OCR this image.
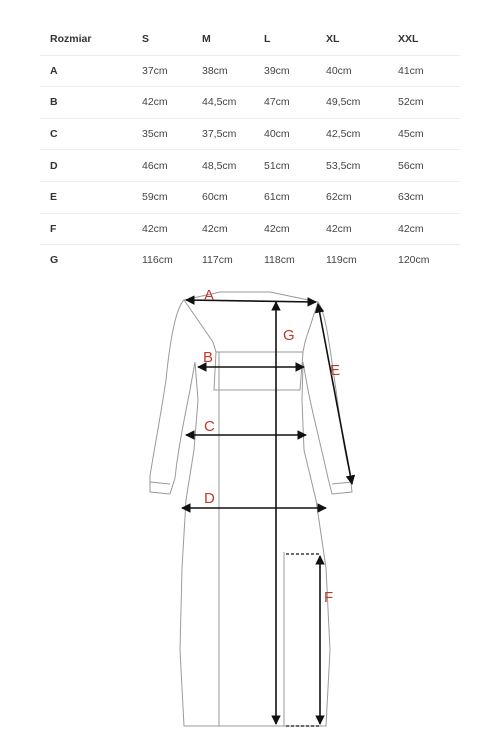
Rozmiar	S	M	L	XL	XXL
A	37cm	38cm	39cm	40cm	41cm
B	42cm	44,5cm	47cm	49,5cm	52cm
C	35cm	37,5cm	40cm	42,5cm	45cm
D	46cm	48,5cm	51cm	53,5cm	56cm
E	59cm	60cm	61cm	62cm	63cm
F	42cm	42cm	42cm	42cm	42cm
G	116cm	117cm	118cm	119cm	120cm
A
B
C
D
E
F
G
